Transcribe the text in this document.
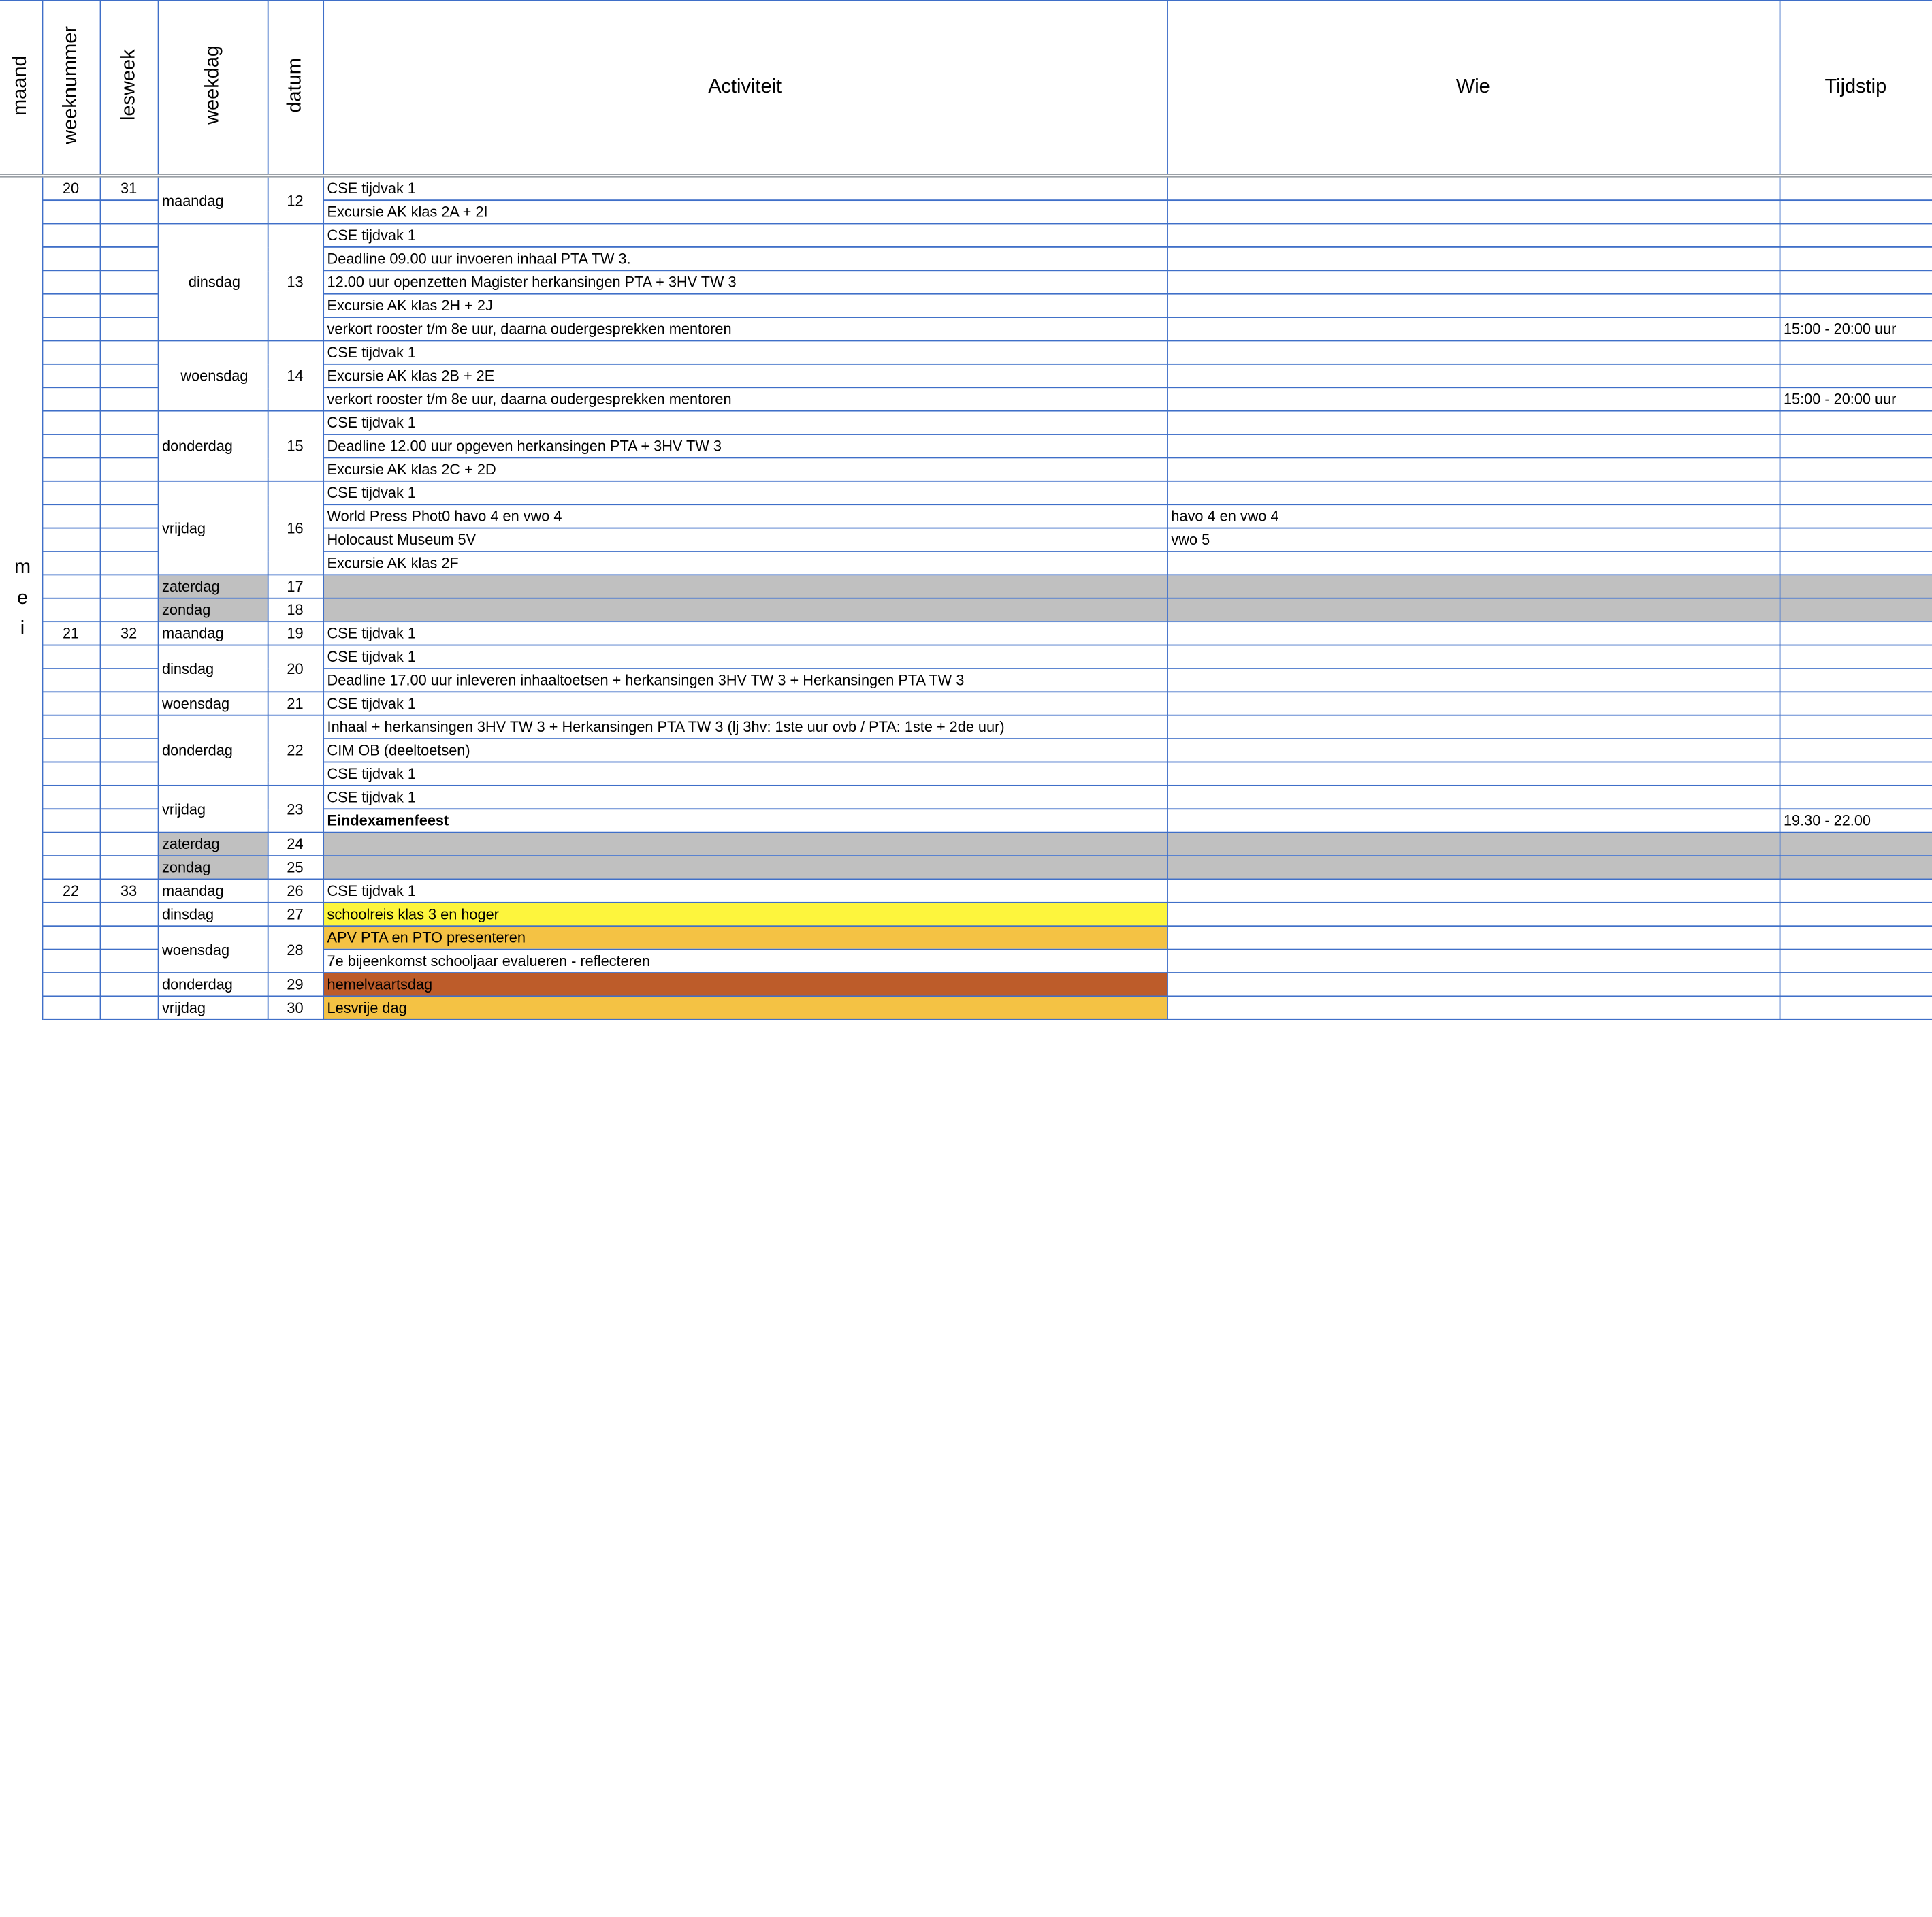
maand	weeknummer	lesweek	weekdag	datum	Activiteit	Wie	Tijdstip

m
e
i	20	31	maandag	12	CSE tijdvak 1		
					Excursie AK klas 2A + 2I		
			dinsdag	13	CSE tijdvak 1		
					Deadline 09.00 uur invoeren inhaal PTA TW 3.		
					12.00 uur openzetten Magister herkansingen PTA + 3HV TW 3		
					Excursie AK klas 2H + 2J		
					verkort rooster t/m 8e uur, daarna oudergesprekken mentoren		15:00 - 20:00 uur
			woensdag	14	CSE tijdvak 1		
					Excursie AK klas 2B + 2E		
					verkort rooster t/m 8e uur, daarna oudergesprekken mentoren		15:00 - 20:00 uur
			donderdag	15	CSE tijdvak 1		
					Deadline 12.00 uur opgeven herkansingen PTA + 3HV TW 3		
					Excursie AK klas 2C + 2D		
			vrijdag	16	CSE tijdvak 1		
					World Press Phot0 havo 4 en vwo 4	havo 4 en vwo 4	
					Holocaust Museum 5V	vwo 5	
					Excursie AK klas 2F		
			zaterdag	17			
			zondag	18			
	21	32	maandag	19	CSE tijdvak 1		
			dinsdag	20	CSE tijdvak 1		
					Deadline 17.00 uur inleveren inhaaltoetsen + herkansingen 3HV TW 3 + Herkansingen PTA TW 3		
			woensdag	21	CSE tijdvak 1		
			donderdag	22	Inhaal + herkansingen 3HV TW 3 + Herkansingen PTA TW 3 (lj 3hv: 1ste uur ovb / PTA: 1ste + 2de uur)		
					CIM OB (deeltoetsen)		
					CSE tijdvak 1		
			vrijdag	23	CSE tijdvak 1		
					Eindexamenfeest		19.30 - 22.00
			zaterdag	24			
			zondag	25			
	22	33	maandag	26	CSE tijdvak 1		
			dinsdag	27	schoolreis klas 3 en hoger		
			woensdag	28	APV PTA en PTO presenteren		
					7e bijeenkomst schooljaar evalueren - reflecteren		
			donderdag	29	hemelvaartsdag		
			vrijdag	30	Lesvrije dag		
